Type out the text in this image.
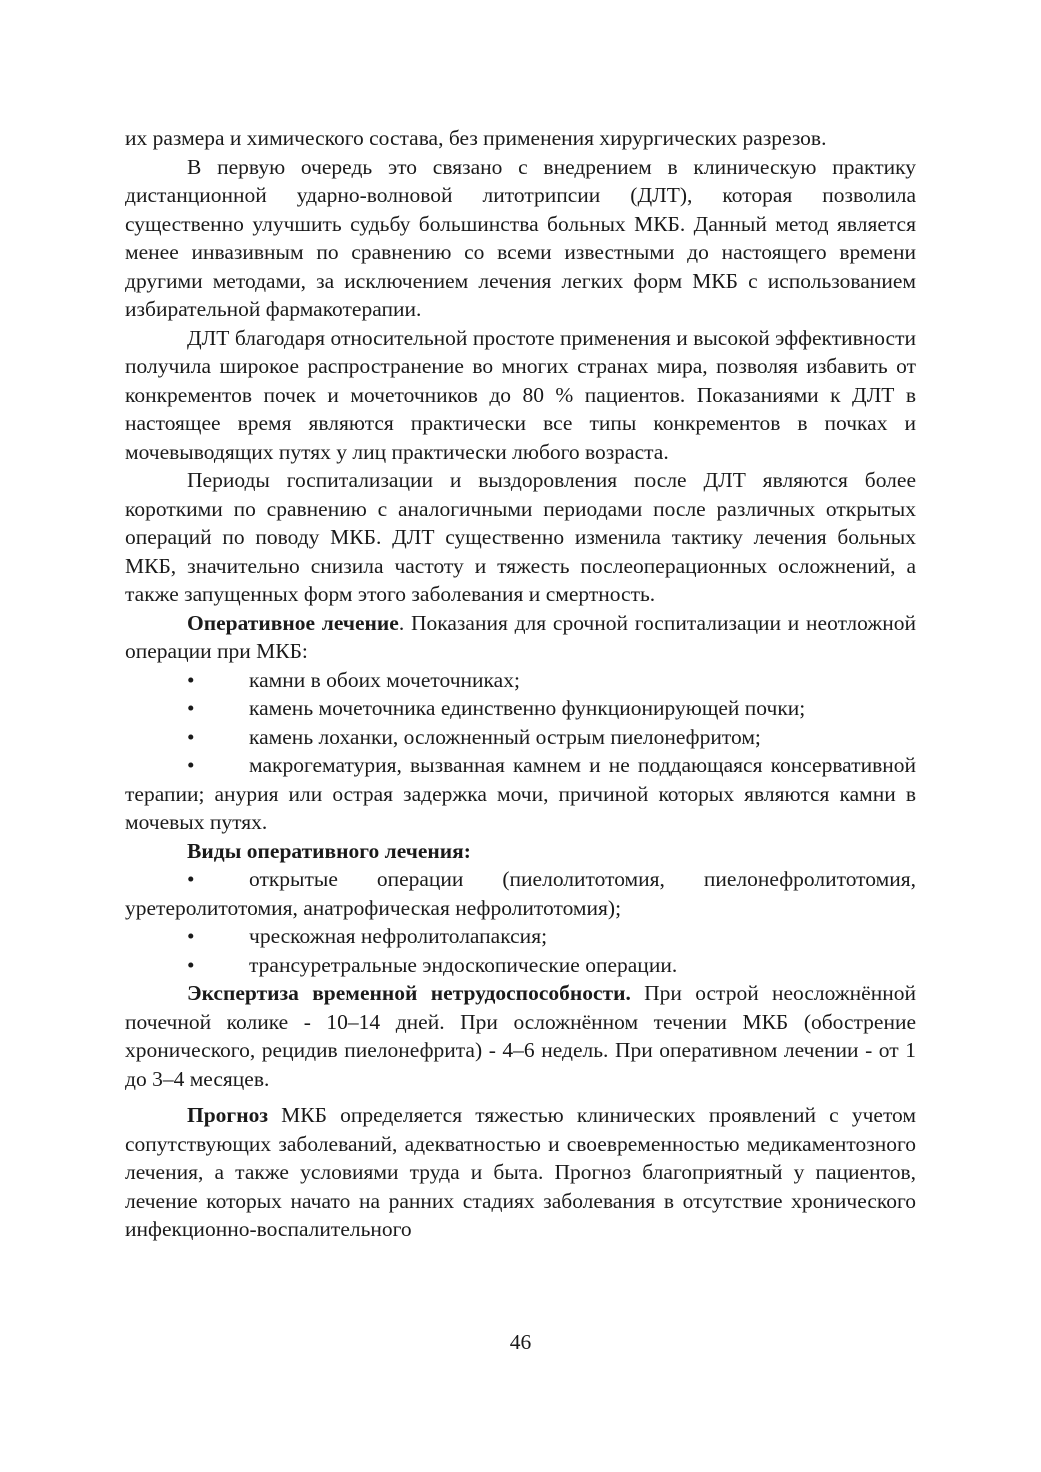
их размера и химического состава, без применения хирургических разрезов.

В первую очередь это связано с внедрением в клиническую практику дистанционной ударно-волновой литотрипсии (ДЛТ), которая позволила существенно улучшить судьбу большинства больных МКБ. Данный метод является менее инвазивным по сравнению со всеми известными до настоящего времени другими методами, за исключением лечения легких форм МКБ с использованием избирательной фармакотерапии.

ДЛТ благодаря относительной простоте применения и высокой эффективности получила широкое распространение во многих странах мира, позволяя избавить от конкрементов почек и мочеточников до 80 % пациентов. Показаниями к ДЛТ в настоящее время являются практически все типы конкрементов в почках и мочевыводящих путях у лиц практически любого возраста.

Периоды госпитализации и выздоровления после ДЛТ являются более короткими по сравнению с аналогичными периодами после различных открытых операций по поводу МКБ. ДЛТ существенно изменила тактику лечения больных МКБ, значительно снизила частоту и тяжесть послеоперационных осложнений, а также запущенных форм этого заболевания и смертность.

Оперативное лечение. Показания для срочной госпитализации и неотложной операции при МКБ:

•	камни в обоих мочеточниках;

•	камень мочеточника единственно функционирующей почки;

•	камень лоханки, осложненный острым пиелонефритом;

•	макрогематурия, вызванная камнем и не поддающаяся консервативной терапии; анурия или острая задержка мочи, причиной которых являются камни в мочевых путях.

Виды оперативного лечения:

•	открытые операции (пиелолитотомия, пиелонефролитотомия, уретеролитотомия, анатрофическая нефролитотомия);

•	чрескожная нефролитолапаксия;

•	трансуретральные эндоскопические операции.

Экспертиза временной нетрудоспособности. При острой неосложнённой почечной колике - 10–14 дней. При осложнённом течении МКБ (обострение хронического, рецидив пиелонефрита) - 4–6 недель. При оперативном лечении - от 1 до 3–4 месяцев.

Прогноз МКБ определяется тяжестью клинических проявлений с учетом сопутствующих заболеваний, адекватностью и своевременностью медикаментозного лечения, а также условиями труда и быта. Прогноз благоприятный у пациентов, лечение которых начато на ранних стадиях заболевания в отсутствие хронического инфекционно-воспалительного

46
